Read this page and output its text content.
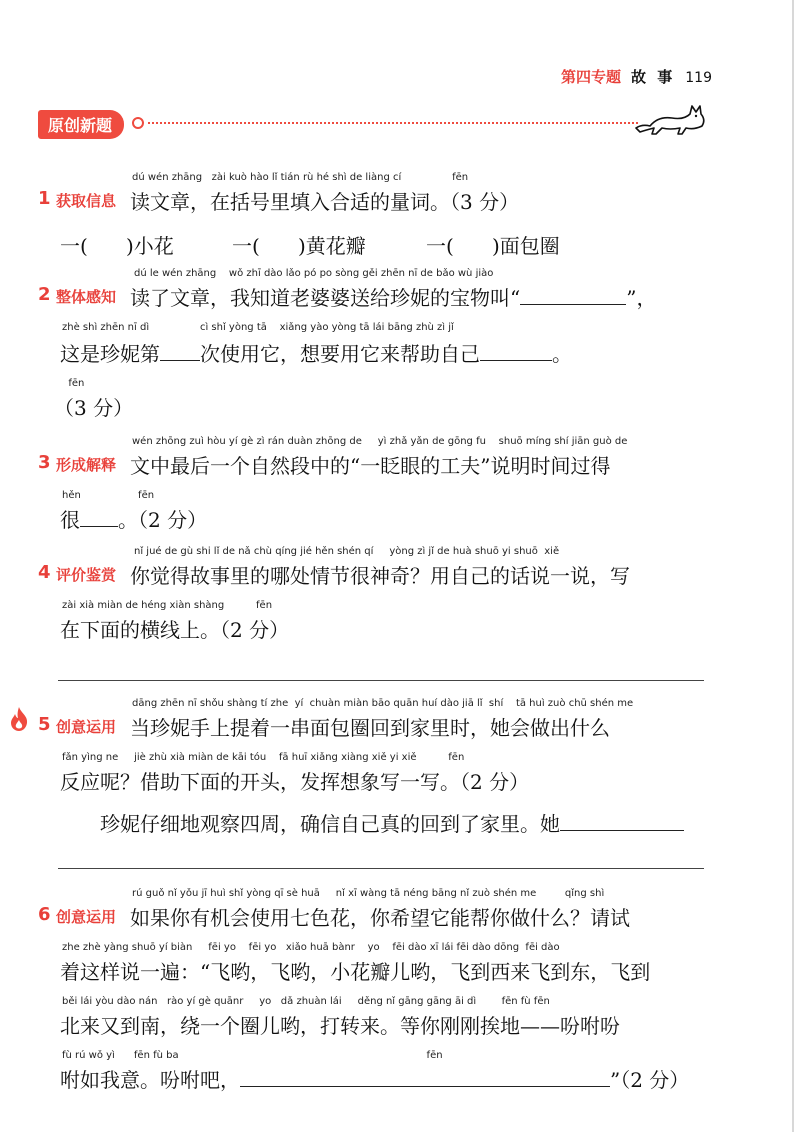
第四专题 故 事 119
原创新题
dú wén zhāng   zài kuò hào lǐ tián rù hé shì de liàng cí                fēn
1 获取信息 读文章，在括号里填入合适的量词。（3 分）
一(      )小花	一(      )黄花瓣	一(      )面包圈
dú le wén zhāng    wǒ zhī dào lǎo pó po sòng gěi zhēn nī de bǎo wù jiào
2 整体感知 读了文章，我知道老婆婆送给珍妮的宝物叫“	”，
zhè shì zhēn nī dì                cì shǐ yòng tā    xiǎng yào yòng tā lái bāng zhù zì jǐ
这是珍妮第 次使用它，想要用它来帮助自己	。
fēn
（3 分）
wén zhōng zuì hòu yí gè zì rán duàn zhōng de     yì zhǎ yǎn de gōng fu    shuō míng shí jiān guò de
3 形成解释 文中最后一个自然段中的“一眨眼的工夫”说明时间过得
hěn                  fēn
很 。（2 分）
nǐ jué de gù shi lǐ de nǎ chù qíng jié hěn shén qí     yòng zì jǐ de huà shuō yi shuō  xiě
4 评价鉴赏 你觉得故事里的哪处情节很神奇？用自己的话说一说，写
zài xià miàn de héng xiàn shàng          fēn
在下面的横线上。（2 分）
dāng zhēn nī shǒu shàng tí zhe  yí  chuàn miàn bāo quān huí dào jiā lǐ  shí    tā huì zuò chū shén me
5 创意运用 当珍妮手上提着一串面包圈回到家里时，她会做出什么
fǎn yìng ne     jiè zhù xià miàn de kāi tóu    fā huī xiǎng xiàng xiě yi xiě          fēn
反应呢？借助下面的开头，发挥想象写一写。（2 分）
珍妮仔细地观察四周，确信自己真的回到了家里。她
rú guǒ nǐ yǒu jī huì shǐ yòng qī sè huā     nǐ xī wàng tā néng bāng nǐ zuò shén me         qǐng shì
6 创意运用 如果你有机会使用七色花，你希望它能帮你做什么？请试
zhe zhè yàng shuō yí biàn     fēi yo    fēi yo   xiǎo huā bànr    yo    fēi dào xī lái fēi dào dōng  fēi dào
着这样说一遍：“飞哟，飞哟，小花瓣儿哟，飞到西来飞到东，飞到
běi lái yòu dào nán   rào yí gè quānr     yo   dǎ zhuàn lái     děng nǐ gāng gāng āi dì        fēn fù fēn
北来又到南，绕一个圈儿哟，打转来。等你刚刚挨地——吩咐吩
fù rú wǒ yì      fēn fù ba                                                                              fēn
咐如我意。吩咐吧，	”（2 分）
